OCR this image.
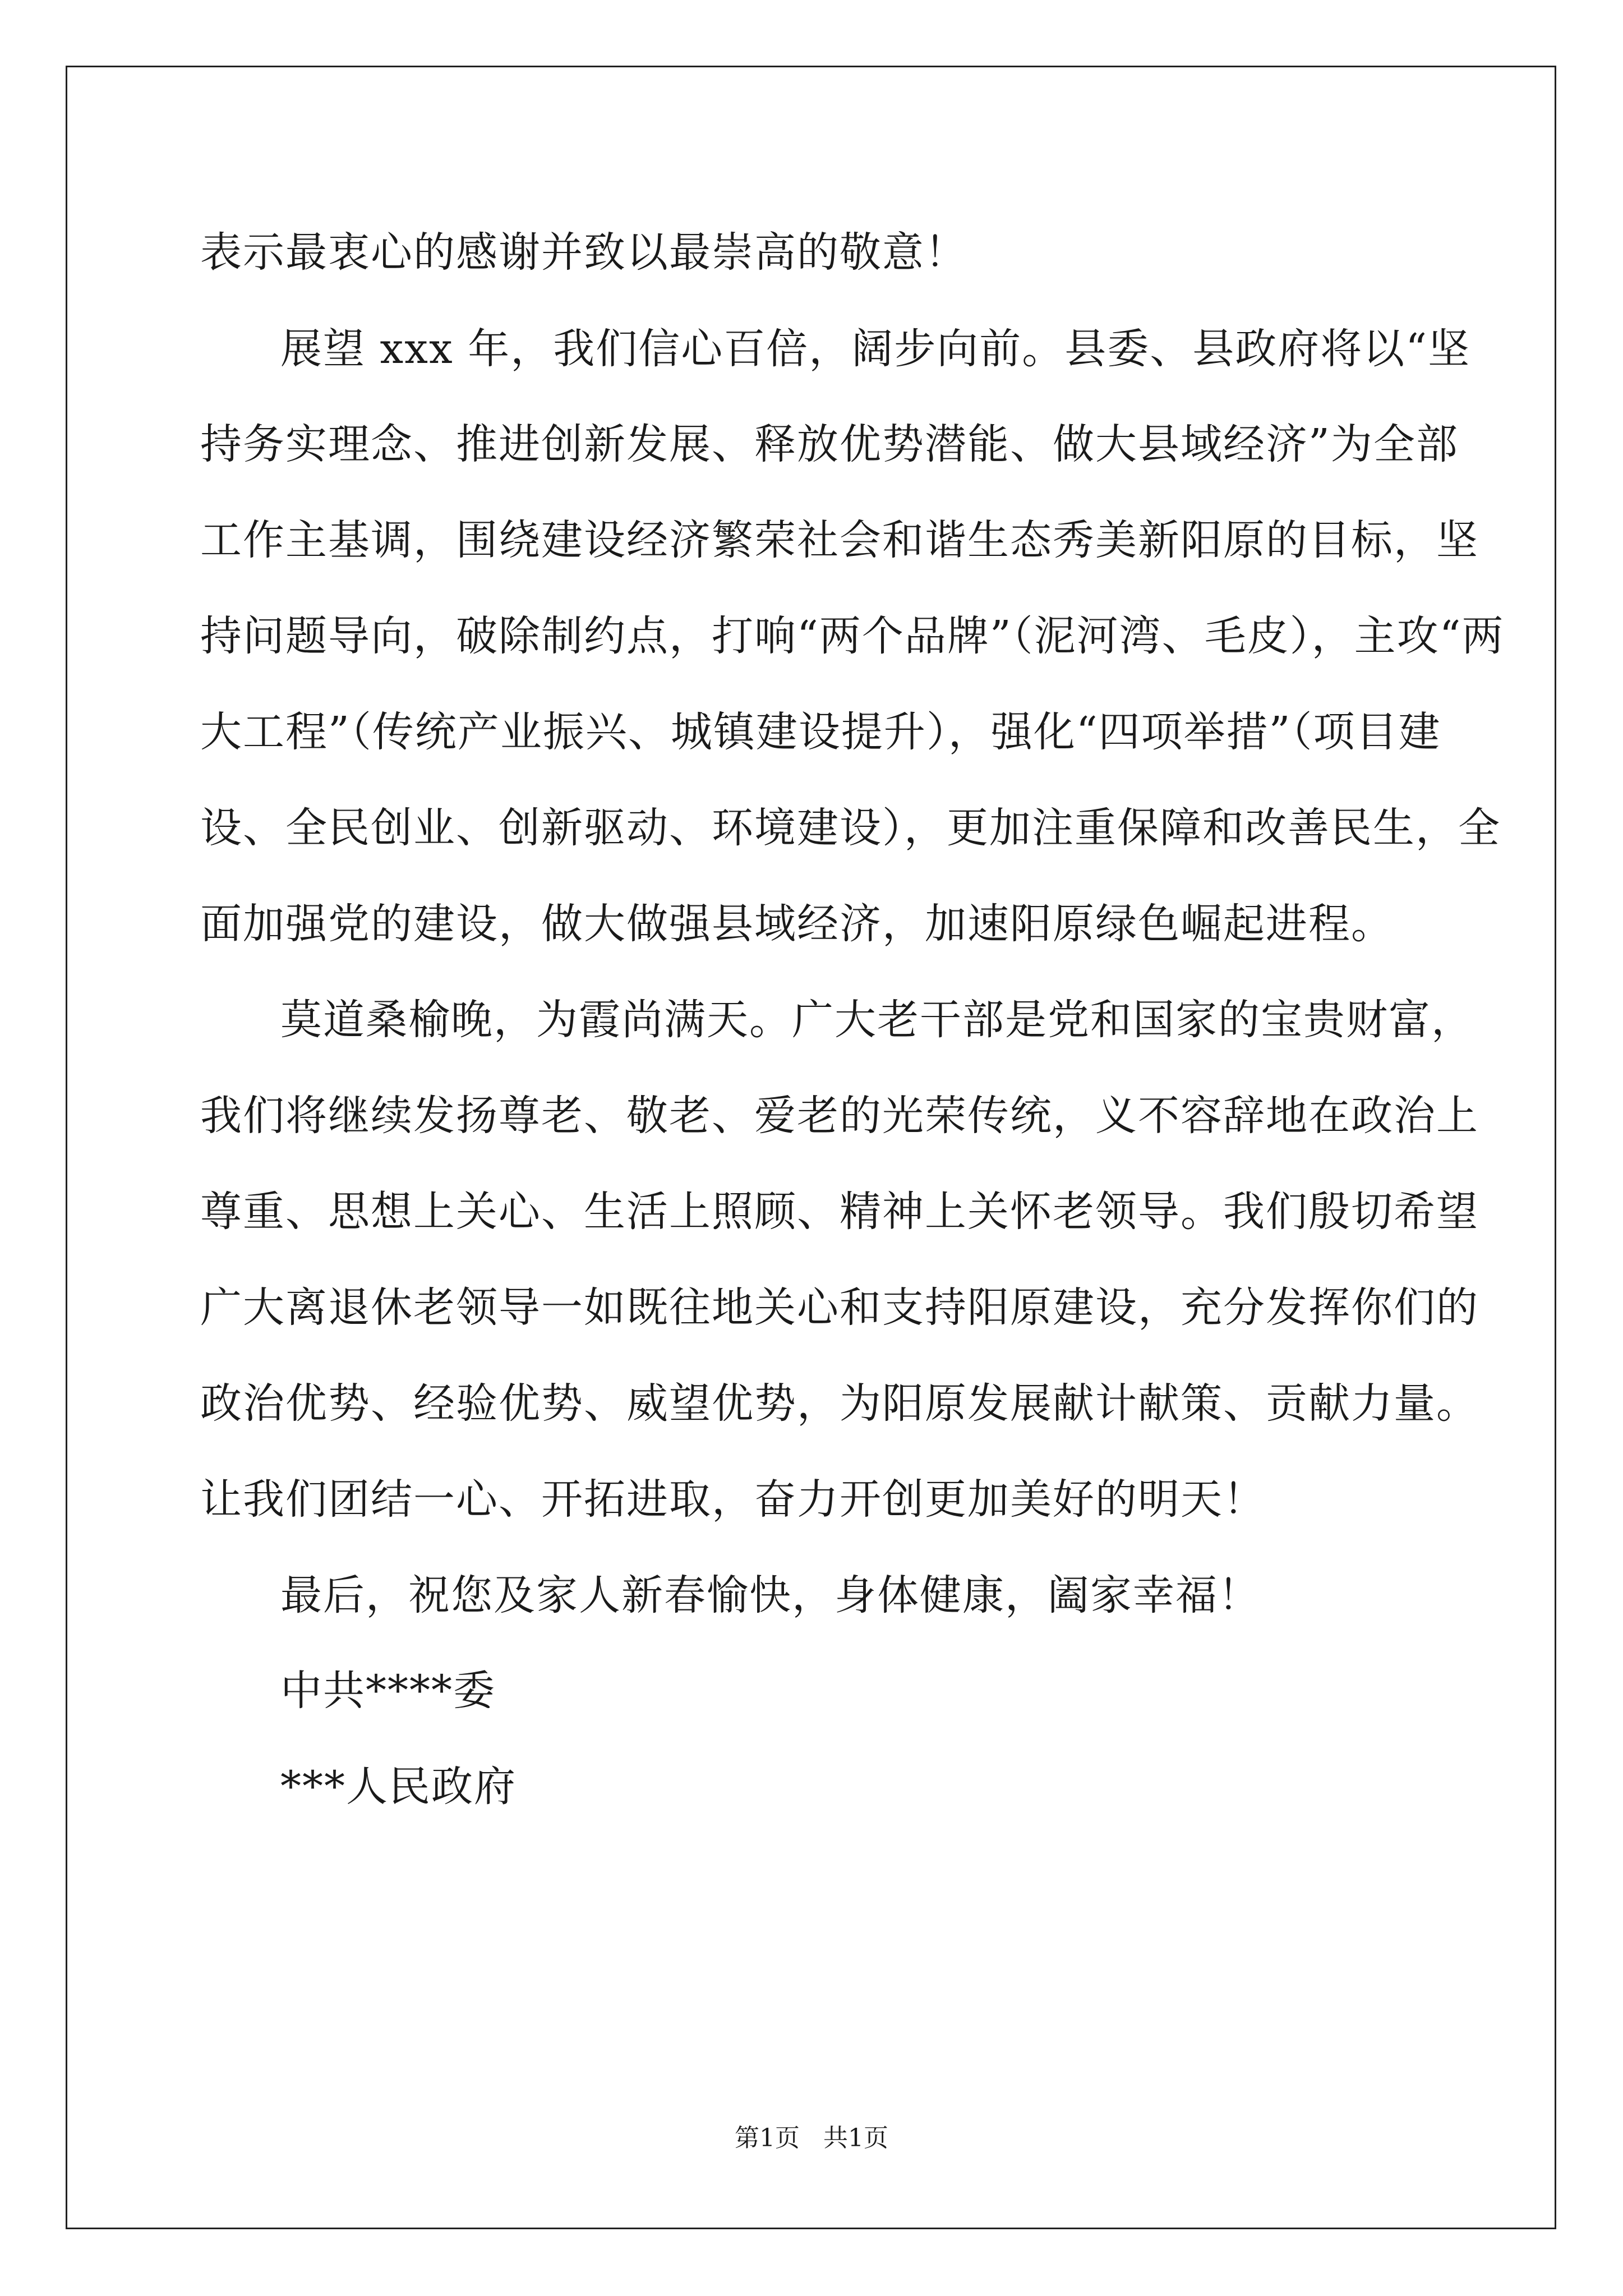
表示最衷心的感谢并致以最崇高的敬意！
展望 xxx 年，我们信心百倍，阔步向前。县委、县政府将以“坚
持务实理念、推进创新发展、释放优势潜能、做大县域经济”为全部
工作主基调，围绕建设经济繁荣社会和谐生态秀美新阳原的目标，坚
持问题导向，破除制约点，打响“两个品牌”（泥河湾、毛皮），主攻“两
大工程”（传统产业振兴、城镇建设提升），强化“四项举措”（项目建
设、全民创业、创新驱动、环境建设），更加注重保障和改善民生，全
面加强党的建设，做大做强县域经济，加速阳原绿色崛起进程。
莫道桑榆晚，为霞尚满天。广大老干部是党和国家的宝贵财富，
我们将继续发扬尊老、敬老、爱老的光荣传统，义不容辞地在政治上
尊重、思想上关心、生活上照顾、精神上关怀老领导。我们殷切希望
广大离退休老领导一如既往地关心和支持阳原建设，充分发挥你们的
政治优势、经验优势、威望优势，为阳原发展献计献策、贡献力量。
让我们团结一心、开拓进取，奋力开创更加美好的明天！
最后，祝您及家人新春愉快，身体健康，阖家幸福！
中共****委
***人民政府
第1页   共1页
